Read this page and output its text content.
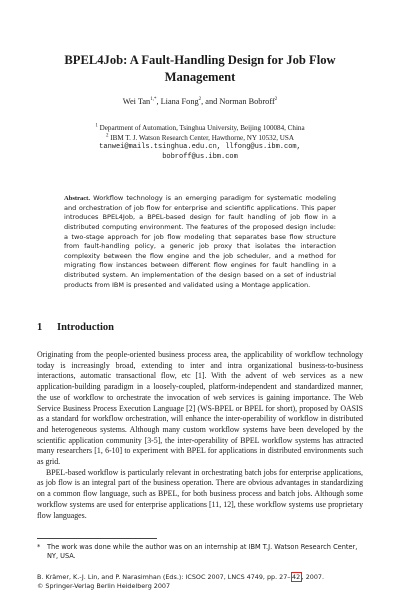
BPEL4Job: A Fault-Handling Design for Job Flow
Management
Wei Tan$^{1,*}$, Liana Fong$^2$, and Norman Bobroff$^2$
$^1$ Department of Automation, Tsinghua University, Beijing 100084, China
$^2$ IBM T. J. Watson Research Center, Hawthorne, NY 10532, USA
tanwei@mails.tsinghua.edu.cn, llfong@us.ibm.com,
bobroff@us.ibm.com
Abstract. Workflow technology is an emerging paradigm for systematic modeling and orchestration of job flow for enterprise and scientific applications. This paper introduces BPEL4Job, a BPEL-based design for fault handling of job flow in a distributed computing environment. The features of the proposed design include: a two-stage approach for job flow modeling that separates base flow structure from fault-handling policy, a generic job proxy that isolates the interaction complexity between the flow engine and the job scheduler, and a method for migrating flow instances between different flow engines for fault handling in a distributed system. An implementation of the design based on a set of industrial products from IBM is presented and validated using a Montage application.
1 Introduction

Originating from the people-oriented business process area, the applicability of workflow technology today is increasingly broad, extending to inter and intra organizational business-to-business interactions, automatic transactional flow, etc [1]. With the advent of web services as a new application-building paradigm in a loosely-coupled, platform-independent and standardized manner, the use of workflow to orchestrate the invocation of web services is gaining importance. The Web Service Business Process Execution Language [2] (WS-BPEL or BPEL for short), proposed by OASIS as a standard for workflow orchestration, will enhance the inter-operability of workflow in distributed and heterogeneous systems. Although many custom workflow systems have been developed by the scientific application community [3-5], the inter-operability of BPEL workflow systems has attracted many researchers [1, 6-10] to experiment with BPEL for applications in distributed environments such as grid.

BPEL-based workflow is particularly relevant in orchestrating batch jobs for enterprise applications, as job flow is an integral part of the business operation. There are obvious advantages in standardizing on a common flow language, such as BPEL, for both business process and batch jobs. Although some workflow systems are used for enterprise applications [11, 12], these workflow systems use proprietary flow languages.

* The work was done while the author was on an internship at IBM T.J. Watson Research Center, NY, USA.
B. Krämer, K.-J. Lin, and P. Narasimhan (Eds.): ICSOC 2007, LNCS 4749, pp. 27– 42 , 2007.
© Springer-Verlag Berlin Heidelberg 2007
